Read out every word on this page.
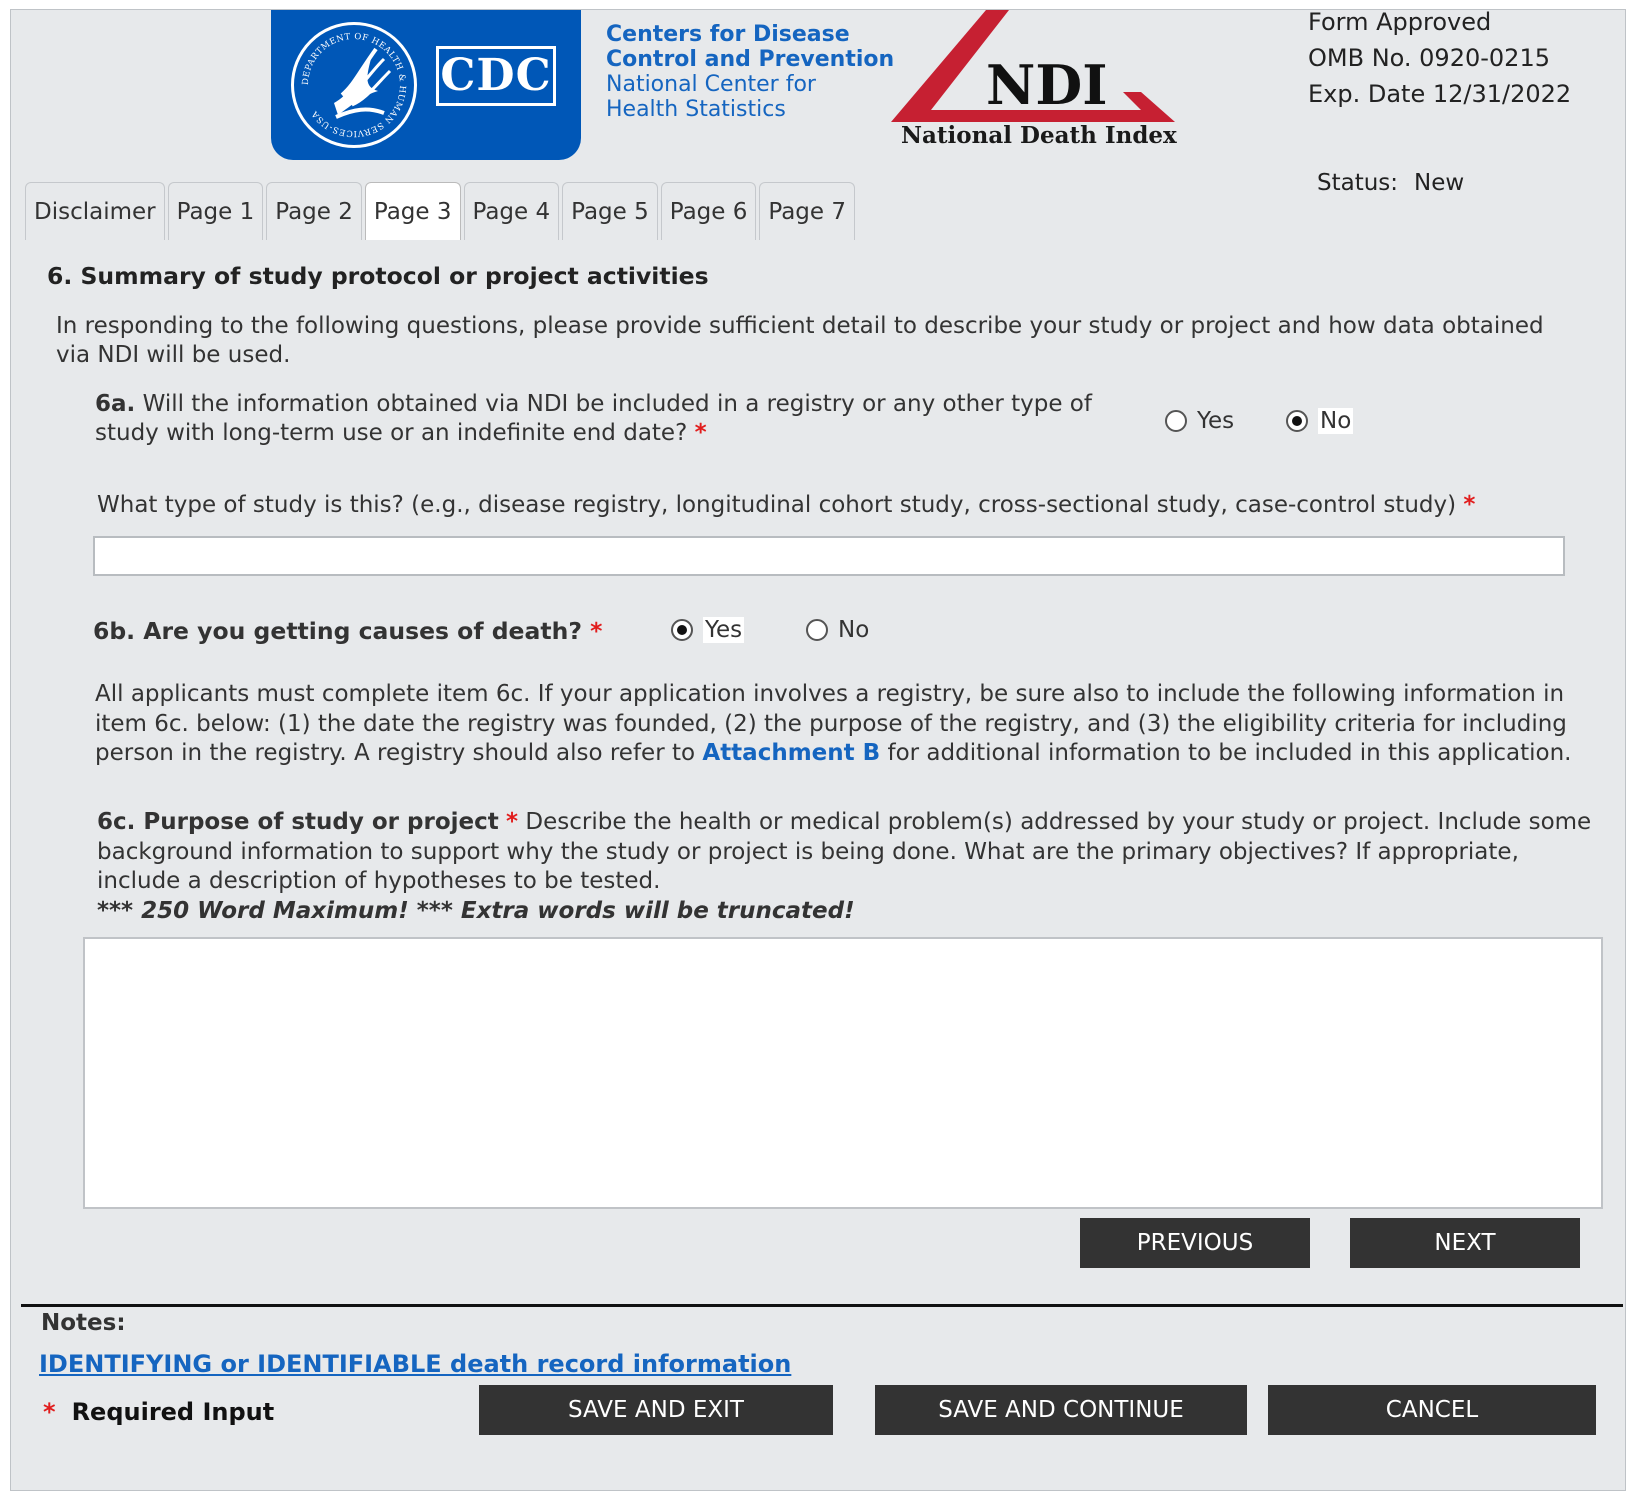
DEPARTMENT OF HEALTH & HUMAN SERVICES-USA
CDC
Centers for Disease
Control and Prevention
National Center for
Health Statistics	NDI
National Death Index
Form Approved
OMB No. 0920-0215
Exp. Date 12/31/2022
Status: New
Disclaimer Page 1 Page 2 Page 3 Page 4 Page 5 Page 6 Page 7
6. Summary of study protocol or project activities
In responding to the following questions, please provide sufficient detail to describe your study or project and how data obtained via NDI will be used.
6a. Will the information obtained via NDI be included in a registry or any other type of study with long-term use or an indefinite end date? *	Yes	No
What type of study is this? (e.g., disease registry, longitudinal cohort study, cross-sectional study, case-control study) *
6b. Are you getting causes of death? *	Yes	No
All applicants must complete item 6c. If your application involves a registry, be sure also to include the following information in item 6c. below: (1) the date the registry was founded, (2) the purpose of the registry, and (3) the eligibility criteria for including person in the registry. A registry should also refer to Attachment B for additional information to be included in this application.
6c. Purpose of study or project * Describe the health or medical problem(s) addressed by your study or project. Include some background information to support why the study or project is being done. What are the primary objectives? If appropriate, include a description of hypotheses to be tested.
*** 250 Word Maximum! *** Extra words will be truncated!
PREVIOUS	NEXT
Notes:
IDENTIFYING or IDENTIFIABLE death record information
* Required Input	SAVE AND EXIT	SAVE AND CONTINUE	CANCEL
